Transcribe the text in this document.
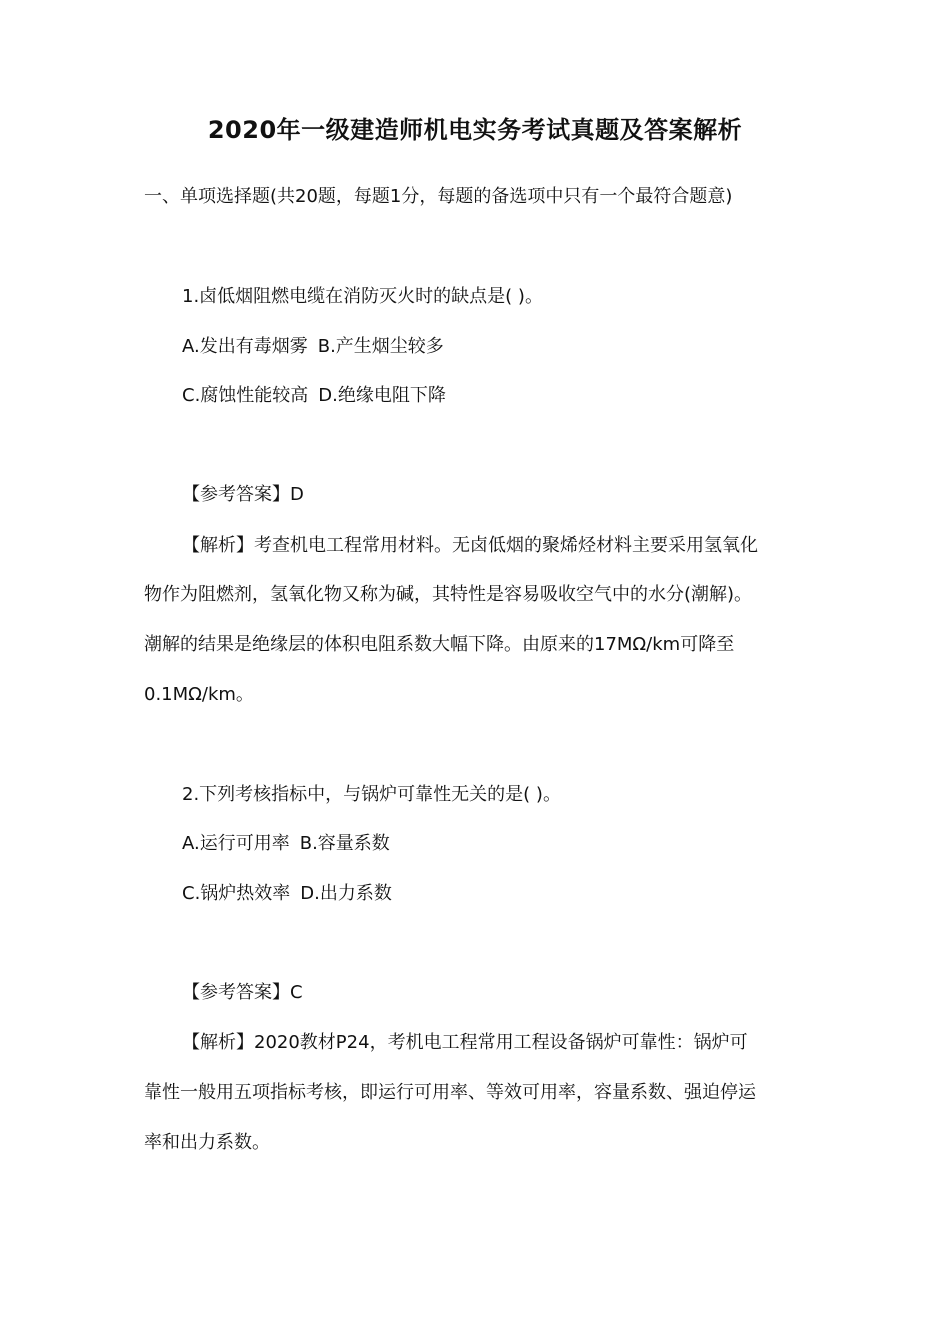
2020年一级建造师机电实务考试真题及答案解析
一、单项选择题(共20题，每题1分，每题的备选项中只有一个最符合题意)
1.卤低烟阻燃电缆在消防灭火时的缺点是( )。
A.发出有毒烟雾 B.产生烟尘较多
C.腐蚀性能较高 D.绝缘电阻下降
【参考答案】D
【解析】考查机电工程常用材料。无卤低烟的聚烯烃材料主要采用氢氧化
物作为阻燃剂，氢氧化物又称为碱，其特性是容易吸收空气中的水分(潮解)。
潮解的结果是绝缘层的体积电阻系数大幅下降。由原来的17MΩ/km可降至
0.1MΩ/km。
2.下列考核指标中，与锅炉可靠性无关的是( )。
A.运行可用率 B.容量系数
C.锅炉热效率 D.出力系数
【参考答案】C
【解析】2020教材P24，考机电工程常用工程设备锅炉可靠性：锅炉可
靠性一般用五项指标考核，即运行可用率、等效可用率，容量系数、强迫停运
率和出力系数。
